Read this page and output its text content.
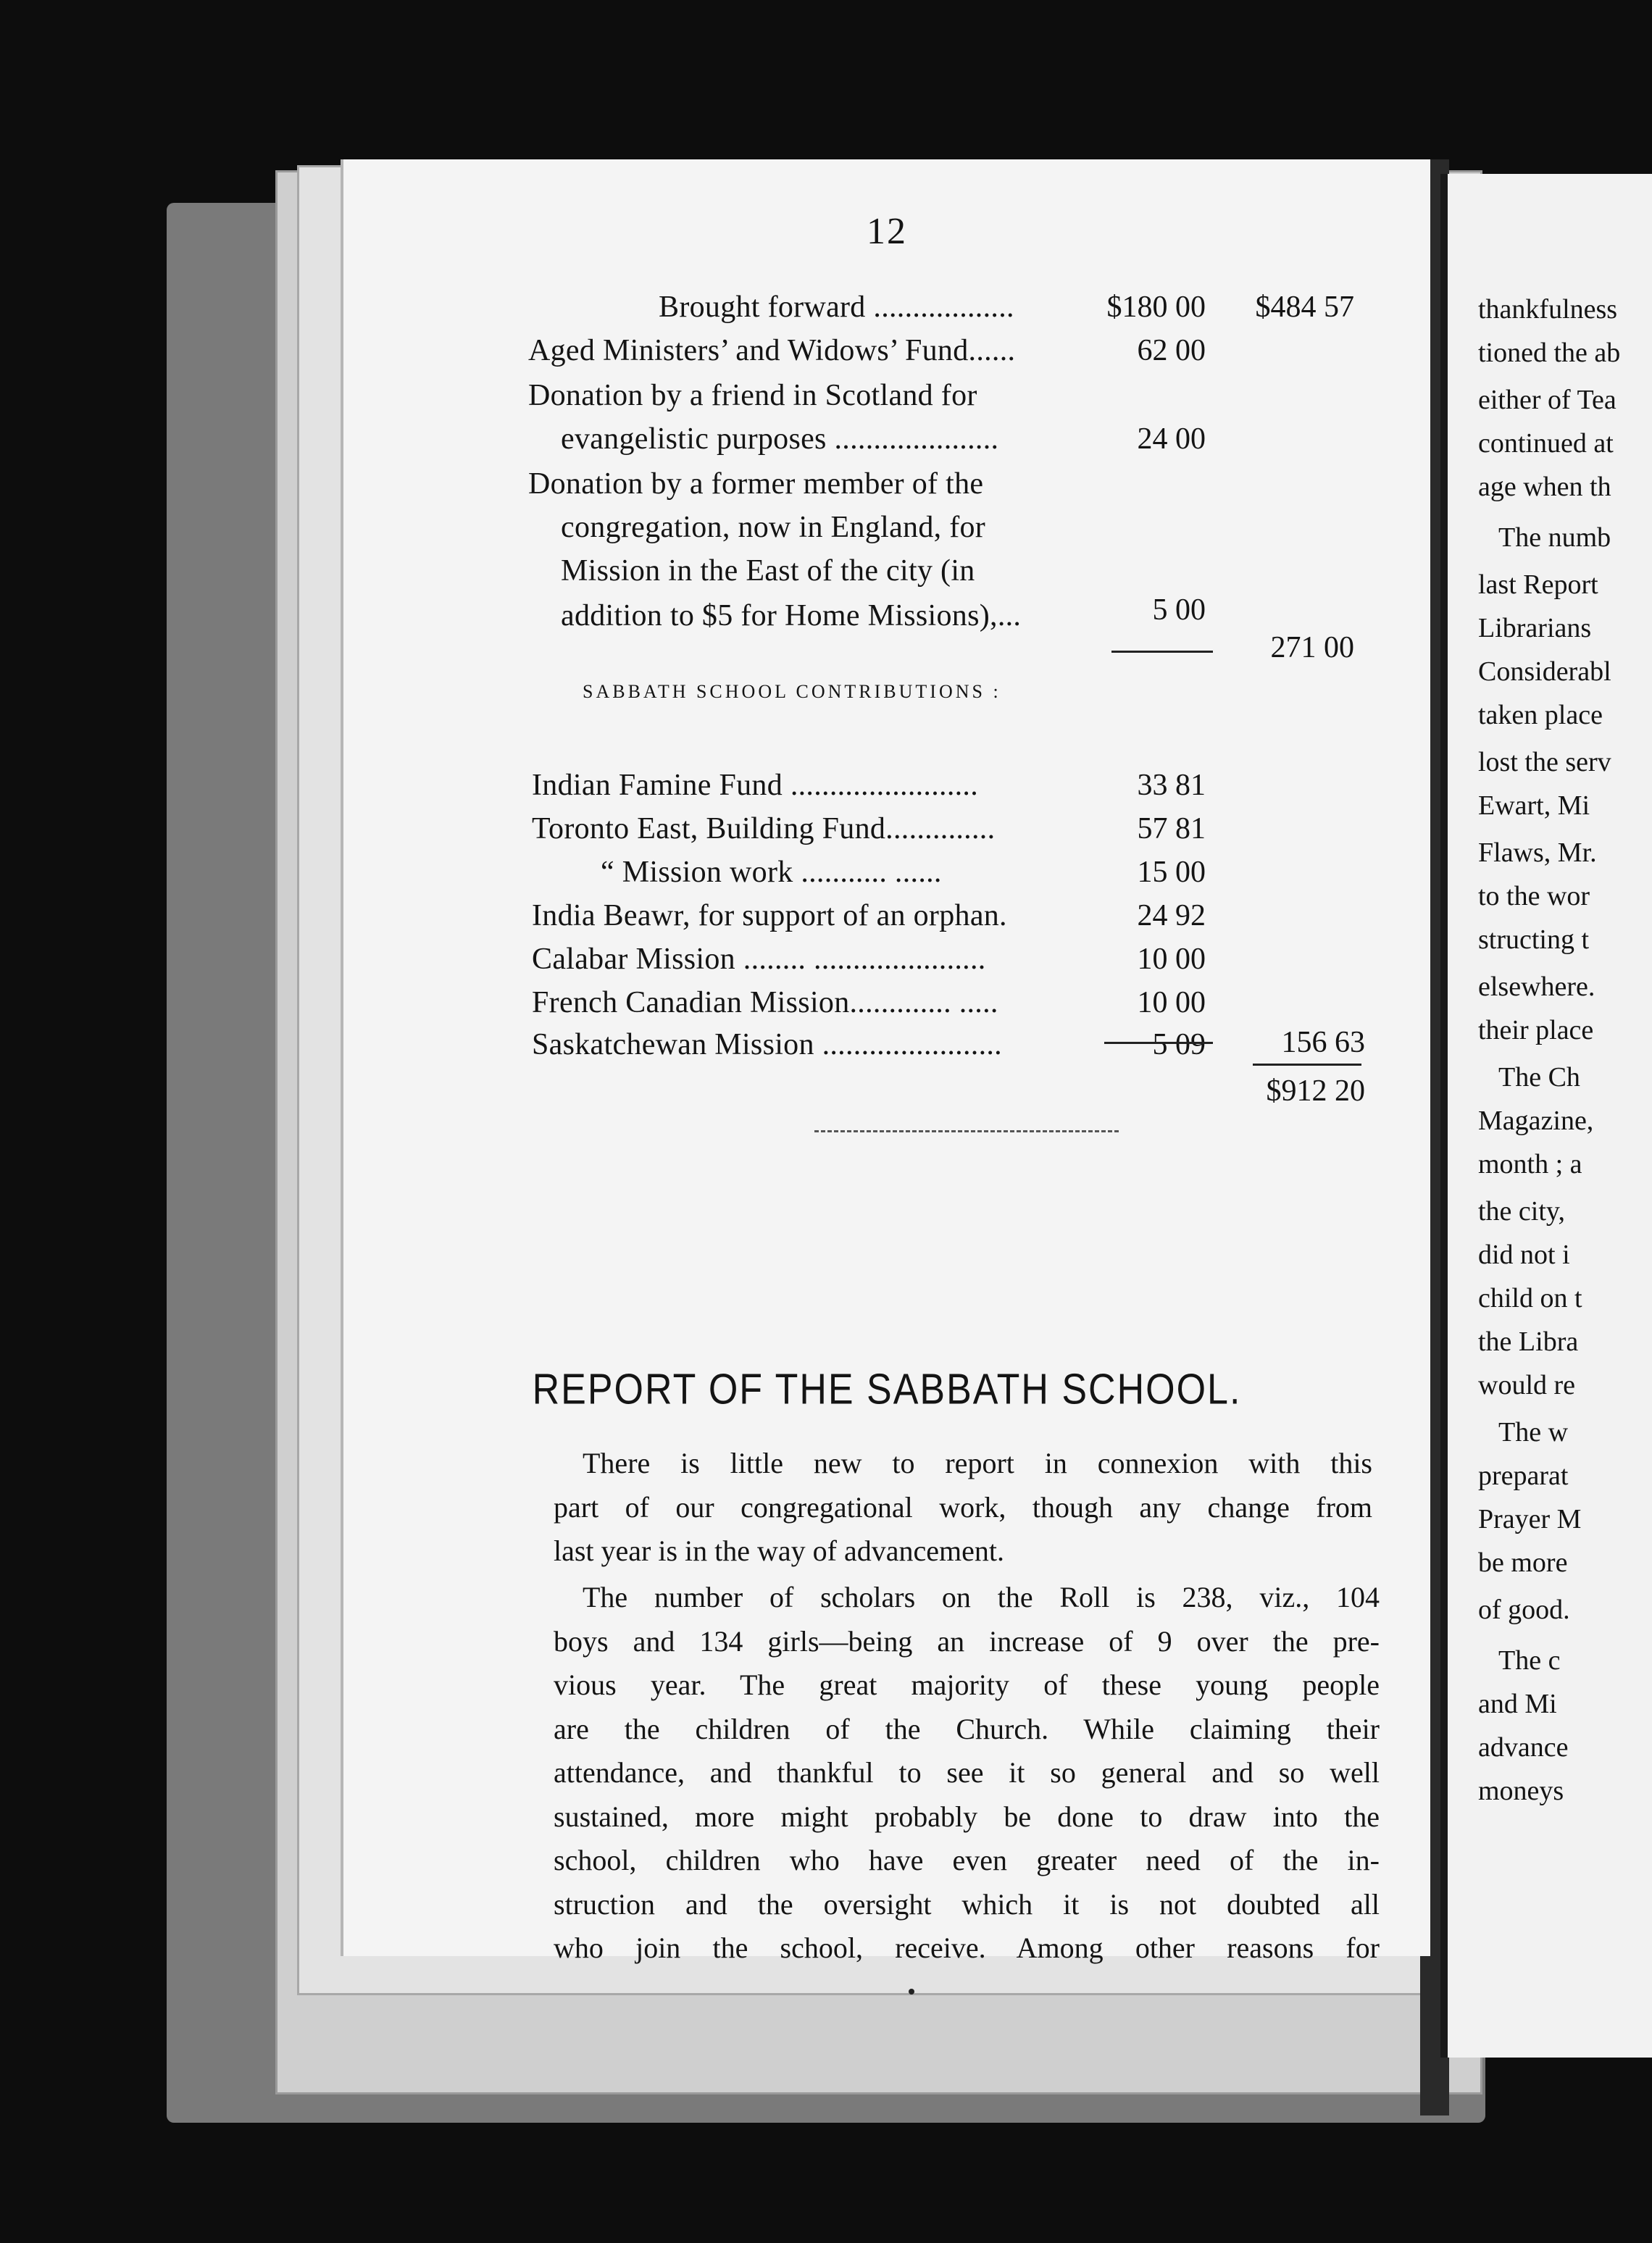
12
Brought forward ..................	$180 00	$484 57
Aged Ministers’ and Widows’ Fund......	62 00
Donation by a friend in Scotland for
evangelistic purposes .....................	24 00
Donation by a former member of the
congregation, now in England, for
Mission in the East of the city (in
addition to $5 for Home Missions),...	5 00
271 00
SABBATH SCHOOL CONTRIBUTIONS :
Indian Famine Fund ........................	33 81
Toronto East, Building Fund..............	57 81
“ Mission work ........... ......	15 00
India Beawr, for support of an orphan.	24 92
Calabar Mission ........ ......................	10 00
French Canadian Mission............. .....	10 00
Saskatchewan Mission .......................	5 09	156 63
$912 20
REPORT OF THE SABBATH SCHOOL.
There is little new to report in connexion with this
part of our congregational work, though any change from
last year is in the way of advancement.
The number of scholars on the Roll is 238, viz., 104
boys and 134 girls—being an increase of 9 over the pre-
vious year. The great majority of these young people
are the children of the Church. While claiming their
attendance, and thankful to see it so general and so well
sustained, more might probably be done to draw into the
school, children who have even greater need of the in-
struction and the oversight which it is not doubted all
who join the school, receive. Among other reasons for
thankfulness
tioned the ab
either of Tea
continued at
age when th
The numb
last Report
Librarians
Considerabl
taken place
lost the serv
Ewart, Mi
Flaws, Mr.
to the wor
structing t
elsewhere.
their place
The Ch
Magazine,
month ; a
the city,
did not i
child on t
the Libra
would re
The w
preparat
Prayer M
be more
of good.
The c
and Mi
advance
moneys
